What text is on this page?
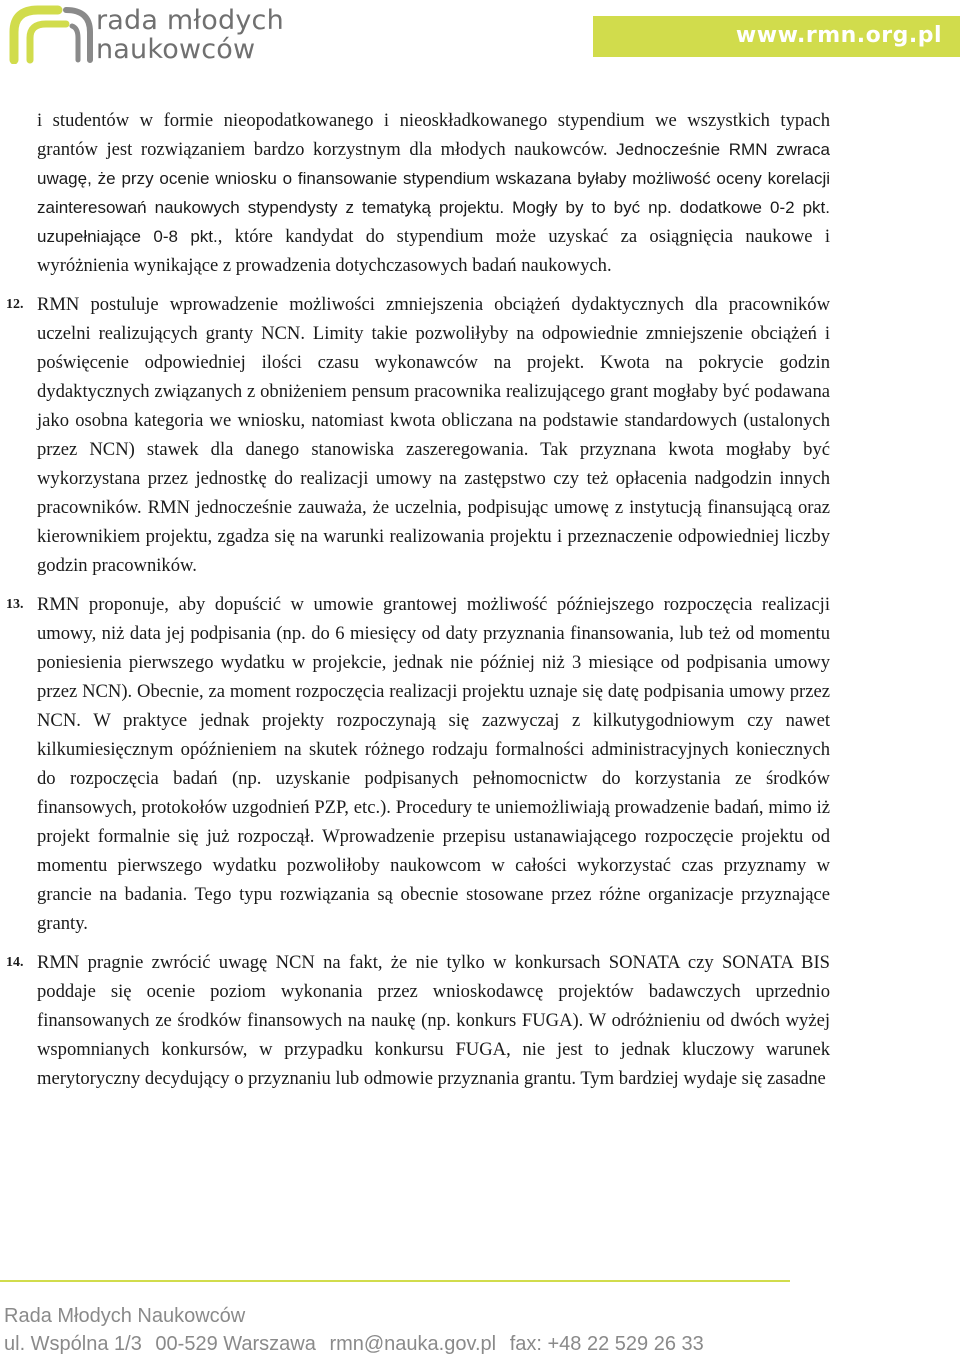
rada młodych
naukowców	www.rmn.org.pl

i studentów w formie nieopodatkowanego i nieoskładkowanego stypendium we wszystkich typach grantów jest rozwiązaniem bardzo korzystnym dla młodych naukowców. Jednocześnie RMN zwraca uwagę, że przy ocenie wniosku o finansowanie stypendium wskazana byłaby możliwość oceny korelacji zainteresowań naukowych stypendysty z tematyką projektu. Mogły by to być np. dodatkowe 0-2 pkt. uzupełniające 0-8 pkt., które kandydat do stypendium może uzyskać za osiągnięcia naukowe i wyróżnienia wynikające z prowadzenia dotychczasowych badań naukowych.

12. RMN postuluje wprowadzenie możliwości zmniejszenia obciążeń dydaktycznych dla pracowników uczelni realizujących granty NCN. Limity takie pozwoliłyby na odpowiednie zmniejszenie obciążeń i poświęcenie odpowiedniej ilości czasu wykonawców na projekt. Kwota na pokrycie godzin dydaktycznych związanych z obniżeniem pensum pracownika realizującego grant mogłaby być podawana jako osobna kategoria we wniosku, natomiast kwota obliczana na podstawie standardowych (ustalonych przez NCN) stawek dla danego stanowiska zaszeregowania. Tak przyznana kwota mogłaby być wykorzystana przez jednostkę do realizacji umowy na zastępstwo czy też opłacenia nadgodzin innych pracowników. RMN jednocześnie zauważa, że uczelnia, podpisując umowę z instytucją finansującą oraz kierownikiem projektu, zgadza się na warunki realizowania projektu i przeznaczenie odpowiedniej liczby godzin pracowników.

13. RMN proponuje, aby dopuścić w umowie grantowej możliwość późniejszego rozpoczęcia realizacji umowy, niż data jej podpisania (np. do 6 miesięcy od daty przyznania finansowania, lub też od momentu poniesienia pierwszego wydatku w projekcie, jednak nie później niż 3 miesiące od podpisania umowy przez NCN). Obecnie, za moment rozpoczęcia realizacji projektu uznaje się datę podpisania umowy przez NCN. W praktyce jednak projekty rozpoczynają się zazwyczaj z kilkutygodniowym czy nawet kilkumiesięcznym opóźnieniem na skutek różnego rodzaju formalności administracyjnych koniecznych do rozpoczęcia badań (np. uzyskanie podpisanych pełnomocnictw do korzystania ze środków finansowych, protokołów uzgodnień PZP, etc.). Procedury te uniemożliwiają prowadzenie badań, mimo iż projekt formalnie się już rozpoczął. Wprowadzenie przepisu ustanawiającego rozpoczęcie projektu od momentu pierwszego wydatku pozwoliłoby naukowcom w całości wykorzystać czas przyznamy w grancie na badania. Tego typu rozwiązania są obecnie stosowane przez różne organizacje przyznające granty.

14. RMN pragnie zwrócić uwagę NCN na fakt, że nie tylko w konkursach SONATA czy SONATA BIS poddaje się ocenie poziom wykonania przez wnioskodawcę projektów badawczych uprzednio finansowanych ze środków finansowych na naukę (np. konkurs FUGA). W odróżnieniu od dwóch wyżej wspomnianych konkursów, w przypadku konkursu FUGA, nie jest to jednak kluczowy warunek merytoryczny decydujący o przyznaniu lub odmowie przyznania grantu. Tym bardziej wydaje się zasadne

Rada Młodych Naukowców
ul. Wspólna 1/3 00-529 Warszawa rmn@nauka.gov.pl fax: +48 22 529 26 33
